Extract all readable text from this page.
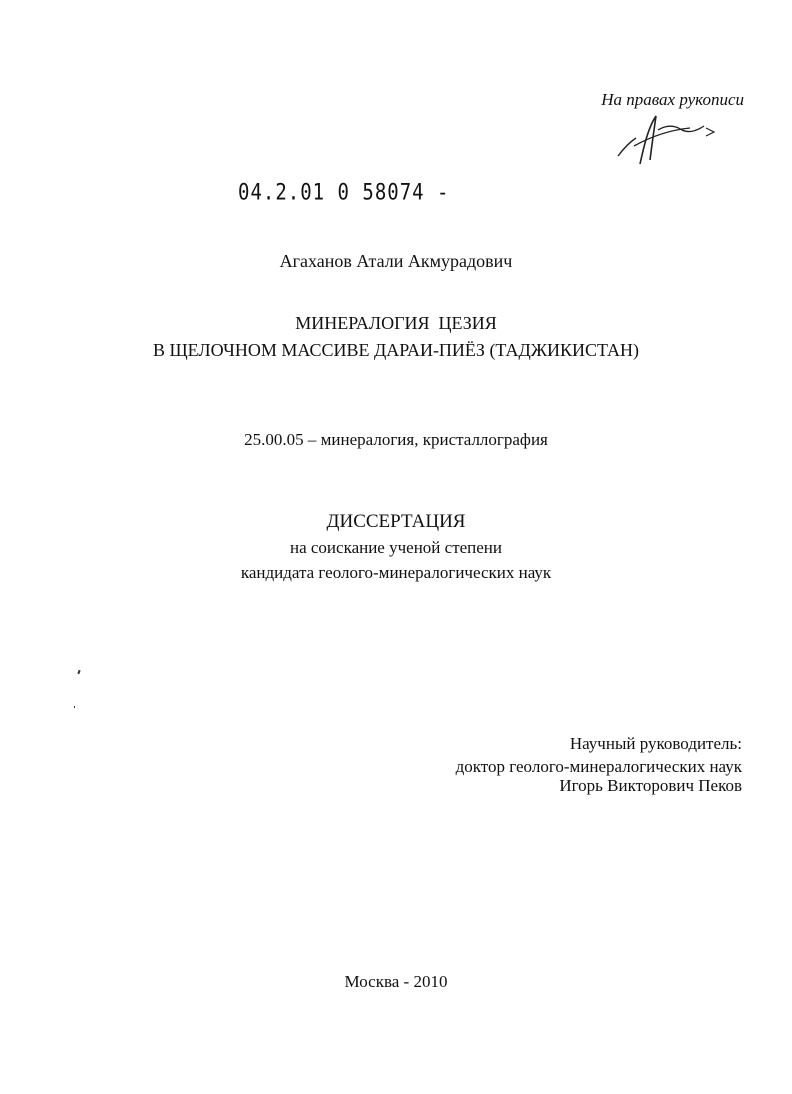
На правах рукописи
04.2.01 0 58074 -
Агаханов Атали Акмурадович
МИНЕРАЛОГИЯ  ЦЕЗИЯ
В ЩЕЛОЧНОМ МАССИВЕ ДАРАИ-ПИЁЗ (ТАДЖИКИСТАН)
25.00.05 – минералогия, кристаллография
ДИССЕРТАЦИЯ
на соискание ученой степени
кандидата геолого-минералогических наук
Научный руководитель:
доктор геолого-минералогических наук
Игорь Викторович Пеков
Москва - 2010
